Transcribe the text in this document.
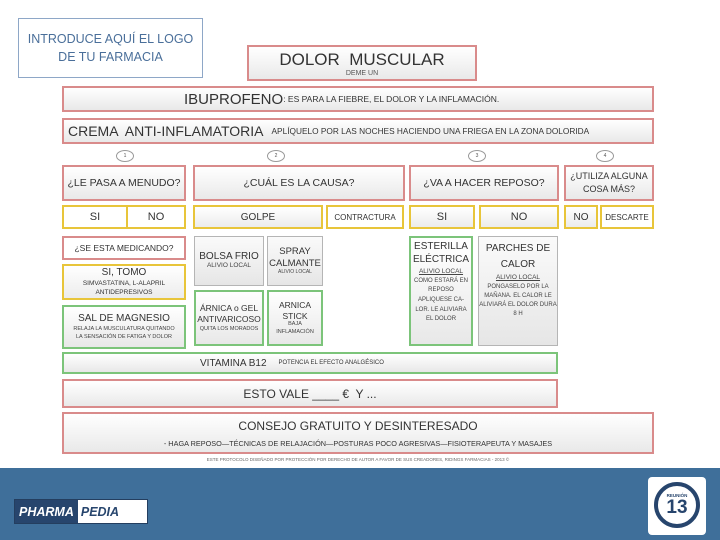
INTRODUCE AQUÍ EL LOGO DE TU FARMACIA	DOLOR  MUSCULAR
DEME UN
IBUPROFENO : ES PARA LA FIEBRE, EL DOLOR Y LA INFLAMACIÓN.
CREMA  ANTI-INFLAMATORIA APLÍQUELO POR LAS NOCHES HACIENDO UNA FRIEGA EN LA ZONA DOLORIDA
1	2	3	4
¿LE PASA A MENUDO?	¿CUÁL ES LA CAUSA?	¿VA A HACER REPOSO?
¿UTILIZA ALGUNA COSA MÁS?
SI	NO	GOLPE	CONTRACTURA	SI	NO	NO DESCARTE
¿SE ESTA MEDICANDO?
SI, TOMO
SIMVASTATINA, L-ALAPRIL ANTIDEPRESIVOS
SAL DE MAGNESIO
RELAJA LA MUSCULATURA QUITANDO LA SENSACIÓN DE FATIGA Y DOLOR
BOLSA FRIO
ALIVIO LOCAL
SPRAY CALMANTE
ALIVIO LOCAL
ÁRNICA o GEL ANTIVARICOSO
QUITA LOS MORADOS
ARNICA STICK
BAJA INFLAMACIÓN
ESTERILLA ELÉCTRICA
ALIVIO LOCAL
COMO ESTARÁ EN REPOSO APLIQUESE CA-LOR. LE ALIVIARA EL DOLOR
PARCHES DE CALOR
ALIVIO LOCAL
PONGASELO POR LA MAÑANA. EL CALOR LE ALIVIARÁ EL DOLOR DURA 8 H
VITAMINA B12 POTENCIA EL EFECTO ANALGÉSICO
ESTO VALE ____ €  Y ...
CONSEJO GRATUITO Y DESINTERESADO
- HAGA REPOSO—TÉCNICAS DE RELAJACIÓN—POSTURAS POCO AGRESIVAS—FISIOTERAPEUTA Y MASAJES
ESTE PROTOCOLO DISEÑADO POR PROTECCIÓN POR DERECHO DE AUTOR A FAVOR DE SUS CREADORES, RIDINGS FARMACIAS - 2013 ©
PHARMA PEDIA
REUNIÓN
13
